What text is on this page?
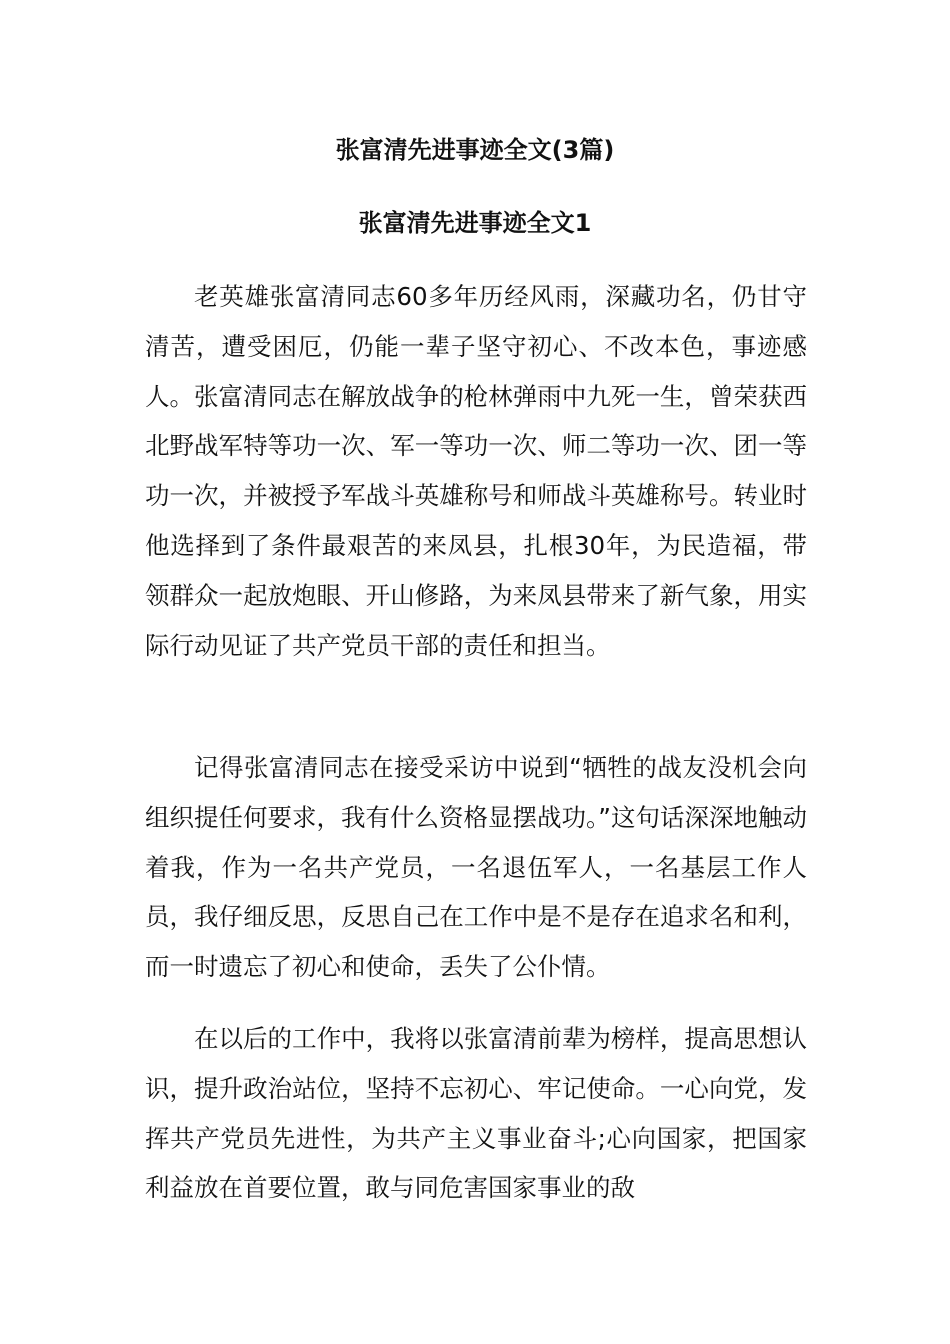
张富清先进事迹全文(3篇)
张富清先进事迹全文1

老英雄张富清同志60多年历经风雨，深藏功名，仍甘守清苦，遭受困厄，仍能一辈子坚守初心、不改本色，事迹感人。张富清同志在解放战争的枪林弹雨中九死一生，曾荣获西北野战军特等功一次、军一等功一次、师二等功一次、团一等功一次，并被授予军战斗英雄称号和师战斗英雄称号。转业时他选择到了条件最艰苦的来凤县，扎根30年，为民造福，带领群众一起放炮眼、开山修路，为来凤县带来了新气象，用实际行动见证了共产党员干部的责任和担当。

记得张富清同志在接受采访中说到“牺牲的战友没机会向组织提任何要求，我有什么资格显摆战功。”这句话深深地触动着我，作为一名共产党员，一名退伍军人，一名基层工作人员，我仔细反思，反思自己在工作中是不是存在追求名和利，而一时遗忘了初心和使命，丢失了公仆情。

在以后的工作中，我将以张富清前辈为榜样，提高思想认识，提升政治站位，坚持不忘初心、牢记使命。一心向党，发挥共产党员先进性，为共产主义事业奋斗;心向国家，把国家利益放在首要位置，敢与同危害国家事业的敌
